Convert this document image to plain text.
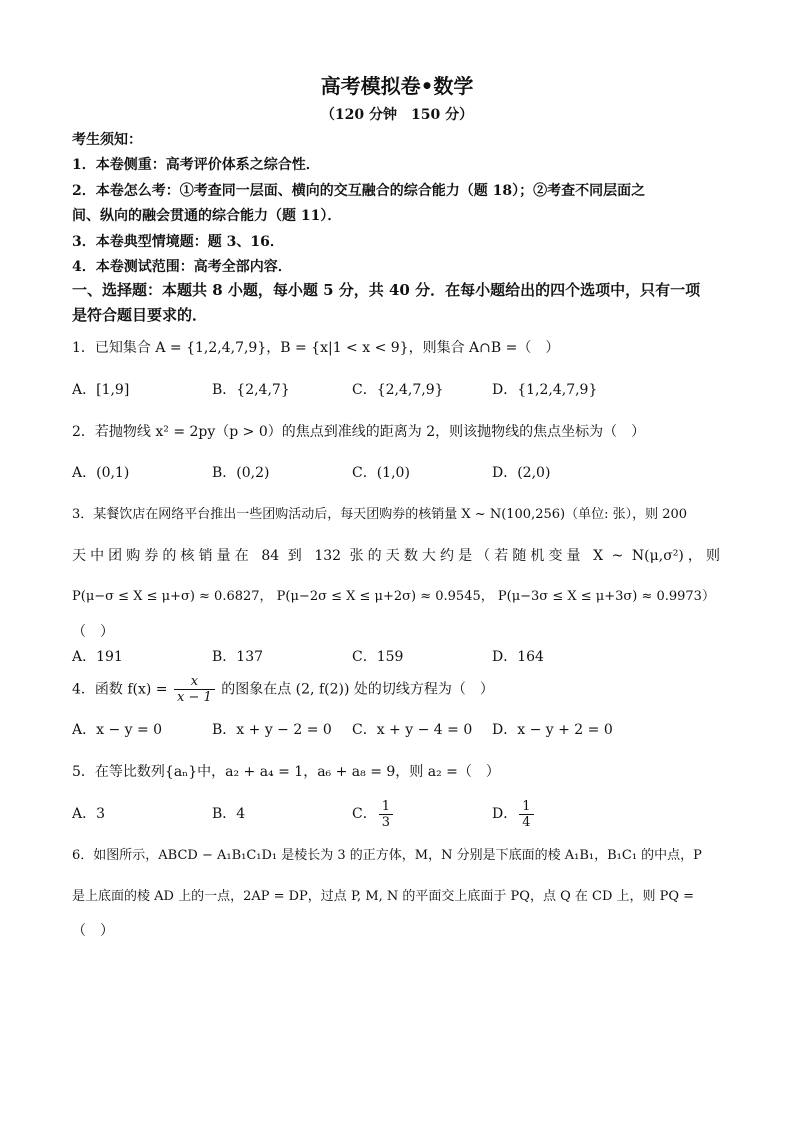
高考模拟卷•数学
（120 分钟　150 分）
考生须知：
1．本卷侧重：高考评价体系之综合性．
2．本卷怎么考：①考查同一层面、横向的交互融合的综合能力（题 18）；②考查不同层面之
间、纵向的融会贯通的综合能力（题 11）．
3．本卷典型情境题：题 3、16．
4．本卷测试范围：高考全部内容．
一、选择题：本题共 8 小题，每小题 5 分，共 40 分．在每小题给出的四个选项中，只有一项
是符合题目要求的．
1．已知集合 A = {1,2,4,7,9}，B = {x|1 < x < 9}，则集合 A∩B =（　）
A．[1,9]	B．{2,4,7}	C．{2,4,7,9}	D．{1,2,4,7,9}
2．若抛物线 x² = 2py（p > 0）的焦点到准线的距离为 2，则该抛物线的焦点坐标为（　）
A．(0,1)	B．(0,2)	C．(1,0)	D．(2,0)
3．某餐饮店在网络平台推出一些团购活动后，每天团购券的核销量 X ~ N(100,256)（单位: 张），则 200
天中团购券的核销量在 84 到 132 张的天数大约是（若随机变量 X ~ N(μ,σ²)，则
P(μ−σ ≤ X ≤ μ+σ) ≈ 0.6827， P(μ−2σ ≤ X ≤ μ+2σ) ≈ 0.9545， P(μ−3σ ≤ X ≤ μ+3σ) ≈ 0.9973）
（　）
A．191	B．137	C．159	D．164
4．函数 $f(x) = \frac{x}{x - 1}$ 的图象在点 (2, f(2)) 处的切线方程为（　）
A．x − y = 0	B．x + y − 2 = 0 C．x + y − 4 = 0 D．x − y + 2 = 0
5．在等比数列{aₙ}中，a₂ + a₄ = 1，a₆ + a₈ = 9，则 a₂ =（　）
A．3	B．4	C． $\frac{1}{3}$	D． $\frac{1}{4}$
6．如图所示，ABCD − A₁B₁C₁D₁ 是棱长为 3 的正方体，M，N 分别是下底面的棱 A₁B₁，B₁C₁ 的中点，P
是上底面的棱 AD 上的一点，2AP = DP，过点 P, M, N 的平面交上底面于 PQ，点 Q 在 CD 上，则 PQ =
（　）
